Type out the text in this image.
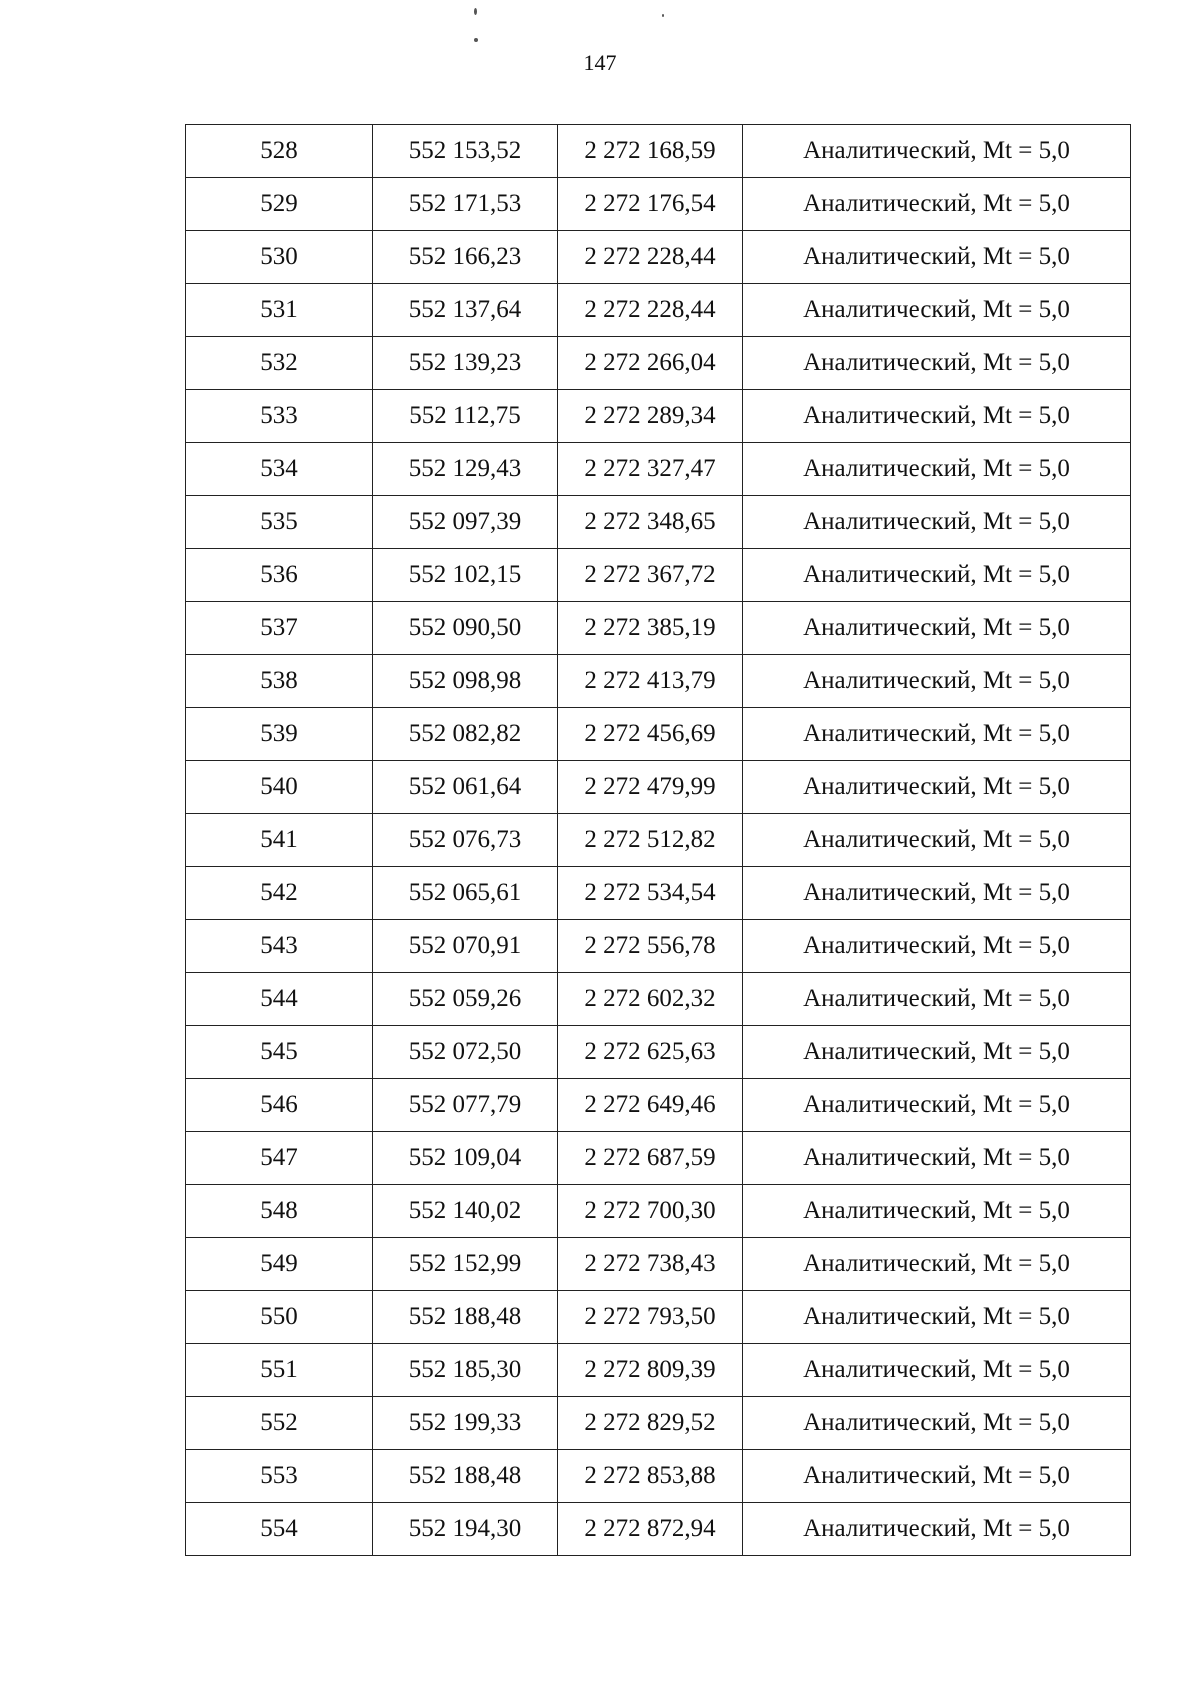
147
528	552 153,52	2 272 168,59	Аналитический, Mt = 5,0
529	552 171,53	2 272 176,54	Аналитический, Mt = 5,0
530	552 166,23	2 272 228,44	Аналитический, Mt = 5,0
531	552 137,64	2 272 228,44	Аналитический, Mt = 5,0
532	552 139,23	2 272 266,04	Аналитический, Mt = 5,0
533	552 112,75	2 272 289,34	Аналитический, Mt = 5,0
534	552 129,43	2 272 327,47	Аналитический, Mt = 5,0
535	552 097,39	2 272 348,65	Аналитический, Mt = 5,0
536	552 102,15	2 272 367,72	Аналитический, Mt = 5,0
537	552 090,50	2 272 385,19	Аналитический, Mt = 5,0
538	552 098,98	2 272 413,79	Аналитический, Mt = 5,0
539	552 082,82	2 272 456,69	Аналитический, Mt = 5,0
540	552 061,64	2 272 479,99	Аналитический, Mt = 5,0
541	552 076,73	2 272 512,82	Аналитический, Mt = 5,0
542	552 065,61	2 272 534,54	Аналитический, Mt = 5,0
543	552 070,91	2 272 556,78	Аналитический, Mt = 5,0
544	552 059,26	2 272 602,32	Аналитический, Mt = 5,0
545	552 072,50	2 272 625,63	Аналитический, Mt = 5,0
546	552 077,79	2 272 649,46	Аналитический, Mt = 5,0
547	552 109,04	2 272 687,59	Аналитический, Mt = 5,0
548	552 140,02	2 272 700,30	Аналитический, Mt = 5,0
549	552 152,99	2 272 738,43	Аналитический, Mt = 5,0
550	552 188,48	2 272 793,50	Аналитический, Mt = 5,0
551	552 185,30	2 272 809,39	Аналитический, Mt = 5,0
552	552 199,33	2 272 829,52	Аналитический, Mt = 5,0
553	552 188,48	2 272 853,88	Аналитический, Mt = 5,0
554	552 194,30	2 272 872,94	Аналитический, Mt = 5,0
